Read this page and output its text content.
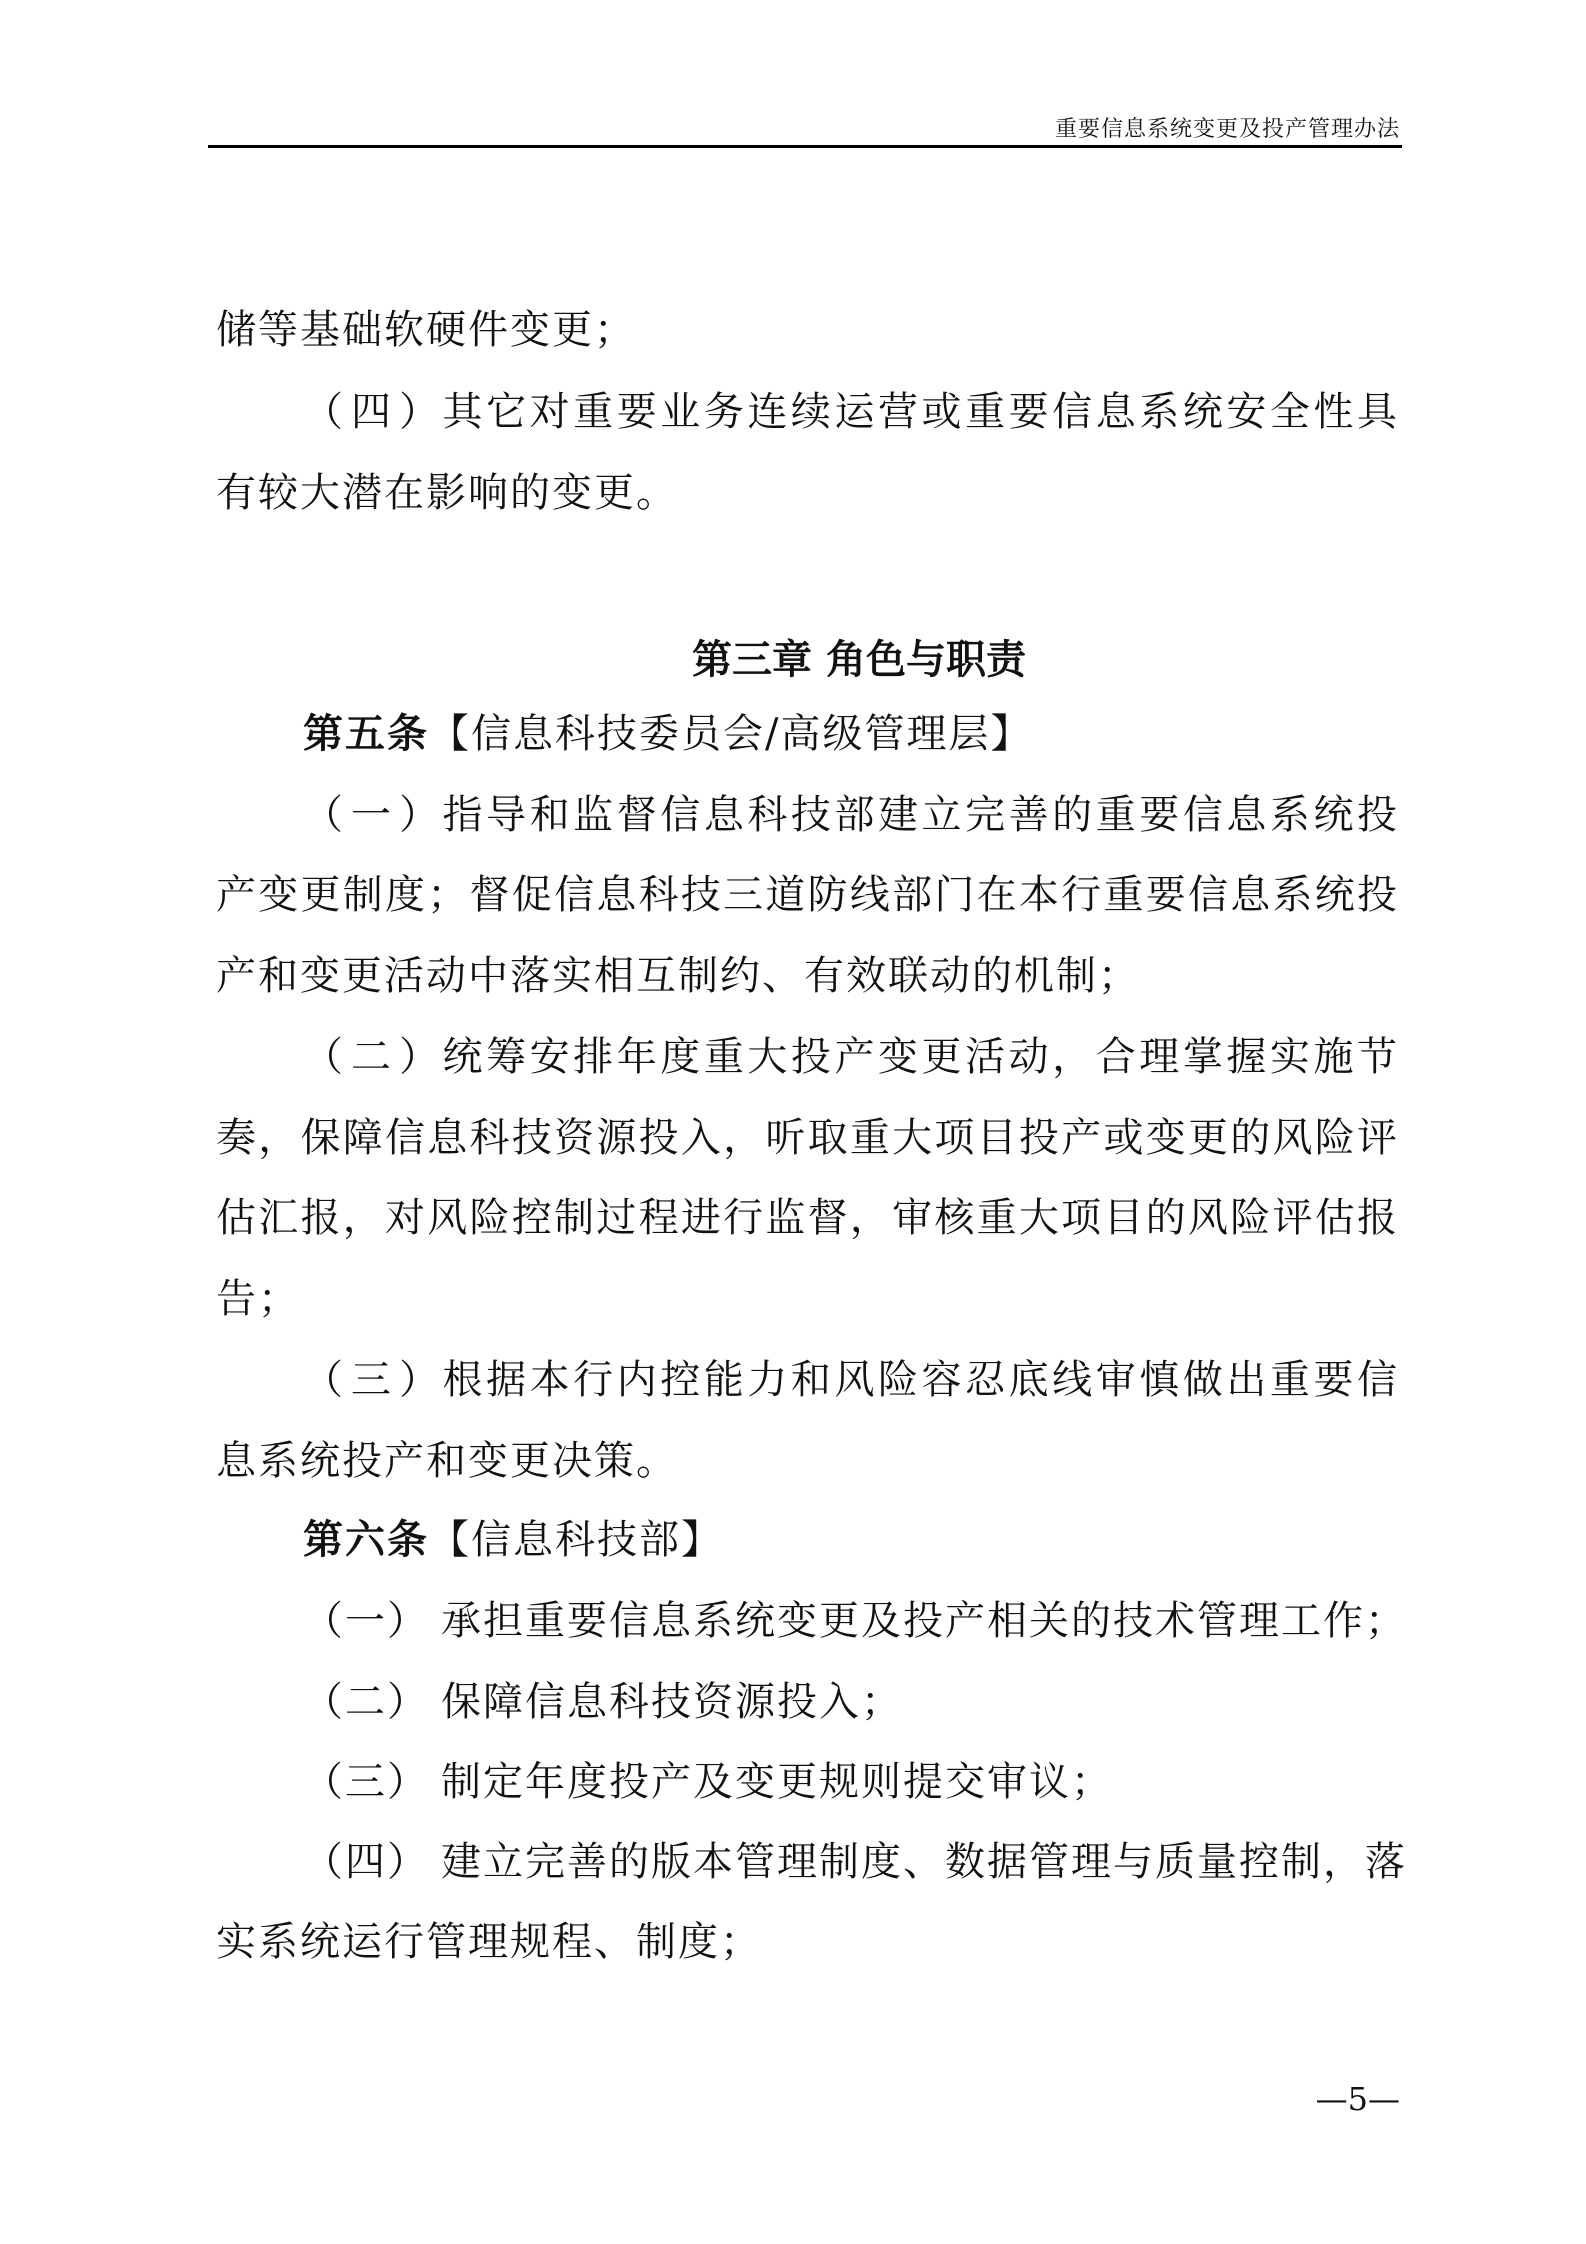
重要信息系统变更及投产管理办法
储等基础软硬件变更；
（四）其它对重要业务连续运营或重要信息系统安全性具
有较大潜在影响的变更。
第三章 角色与职责
第五条【信息科技委员会/高级管理层】
（一）指导和监督信息科技部建立完善的重要信息系统投
产变更制度；督促信息科技三道防线部门在本行重要信息系统投
产和变更活动中落实相互制约、有效联动的机制；
（二）统筹安排年度重大投产变更活动，合理掌握实施节
奏，保障信息科技资源投入，听取重大项目投产或变更的风险评
估汇报，对风险控制过程进行监督，审核重大项目的风险评估报
告；
（三）根据本行内控能力和风险容忍底线审慎做出重要信
息系统投产和变更决策。
第六条【信息科技部】
（一） 承担重要信息系统变更及投产相关的技术管理工作；
（二） 保障信息科技资源投入；
（三） 制定年度投产及变更规则提交审议；
（四） 建立完善的版本管理制度、数据管理与质量控制，落
实系统运行管理规程、制度；
—5—
